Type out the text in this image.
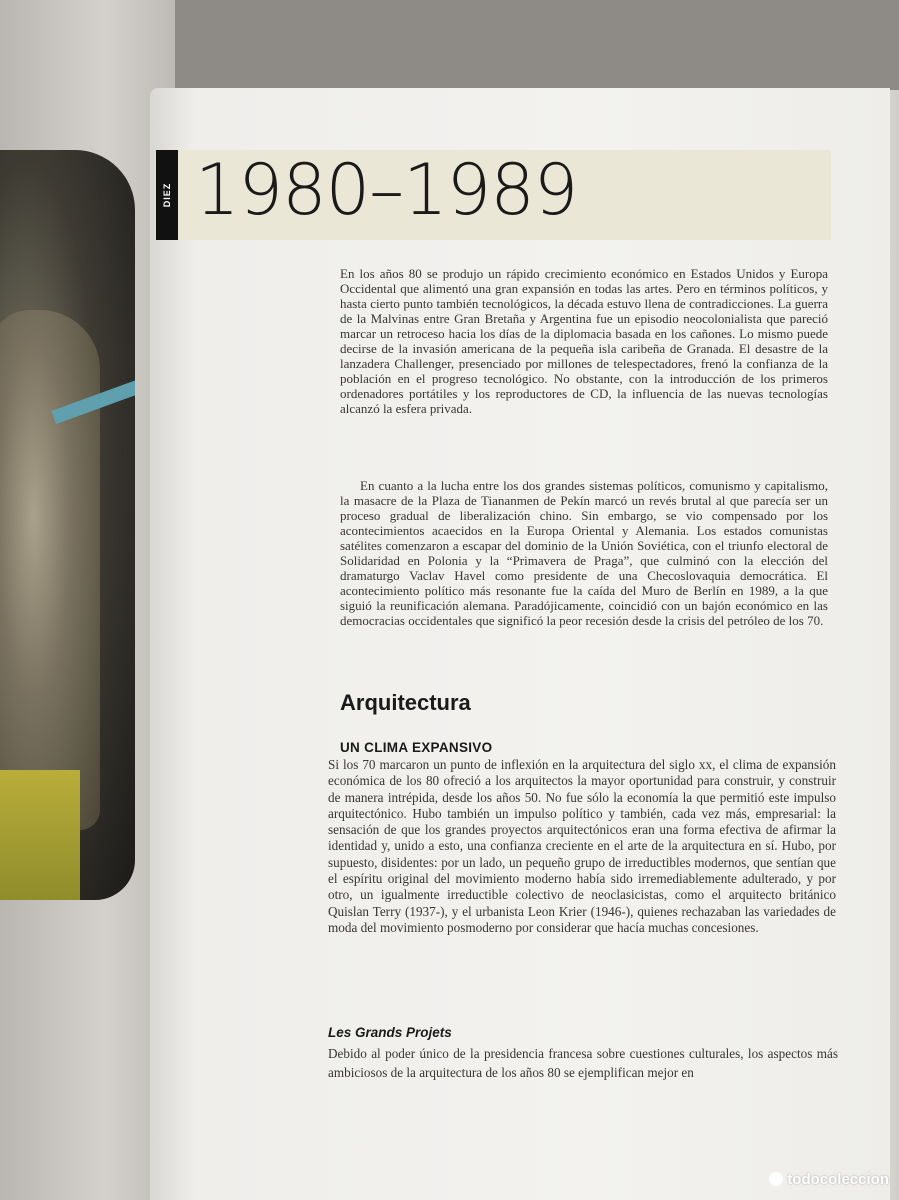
DIEZ 1980–1989

En los años 80 se produjo un rápido crecimiento económico en Estados Unidos y Europa Occidental que alimentó una gran expansión en todas las artes. Pero en términos políticos, y hasta cierto punto también tecnológicos, la década estuvo llena de contradicciones. La guerra de la Malvinas entre Gran Bretaña y Argentina fue un episodio neocolonialista que pareció marcar un retroceso hacia los días de la diplomacia basada en los cañones. Lo mismo puede decirse de la invasión americana de la pequeña isla caribeña de Granada. El desastre de la lanzadera Challenger, presenciado por millones de telespectadores, frenó la confianza de la población en el progreso tecnológico. No obstante, con la introducción de los primeros ordenadores portátiles y los reproductores de CD, la influencia de las nuevas tecnologías alcanzó la esfera privada.

En cuanto a la lucha entre los dos grandes sistemas políticos, comunismo y capitalismo, la masacre de la Plaza de Tiananmen de Pekín marcó un revés brutal al que parecía ser un proceso gradual de liberalización chino. Sin embargo, se vio compensado por los acontecimientos acaecidos en la Europa Oriental y Alemania. Los estados comunistas satélites comenzaron a escapar del dominio de la Unión Soviética, con el triunfo electoral de Solidaridad en Polonia y la “Primavera de Praga”, que culminó con la elección del dramaturgo Vaclav Havel como presidente de una Checoslovaquia democrática. El acontecimiento político más resonante fue la caída del Muro de Berlín en 1989, a la que siguió la reunificación alemana. Paradójicamente, coincidió con un bajón económico en las democracias occidentales que significó la peor recesión desde la crisis del petróleo de los 70.

Arquitectura
UN CLIMA EXPANSIVO

Si los 70 marcaron un punto de inflexión en la arquitectura del siglo xx, el clima de expansión económica de los 80 ofreció a los arquitectos la mayor oportunidad para construir, y construir de manera intrépida, desde los años 50. No fue sólo la economía la que permitió este impulso arquitectónico. Hubo también un impulso político y también, cada vez más, empresarial: la sensación de que los grandes proyectos arquitectónicos eran una forma efectiva de afirmar la identidad y, unido a esto, una confianza creciente en el arte de la arquitectura en sí. Hubo, por supuesto, disidentes: por un lado, un pequeño grupo de irreductibles modernos, que sentían que el espíritu original del movimiento moderno había sido irremediablemente adulterado, y por otro, un igualmente irreductible colectivo de neoclasicistas, como el arquitecto británico Quislan Terry (1937-), y el urbanista Leon Krier (1946-), quienes rechazaban las variedades de moda del movimiento posmoderno por considerar que hacía muchas concesiones.

Les Grands Projets

Debido al poder único de la presidencia francesa sobre cuestiones culturales, los aspectos más ambiciosos de la arquitectura de los años 80 se ejemplifican mejor en

todocoleccion
